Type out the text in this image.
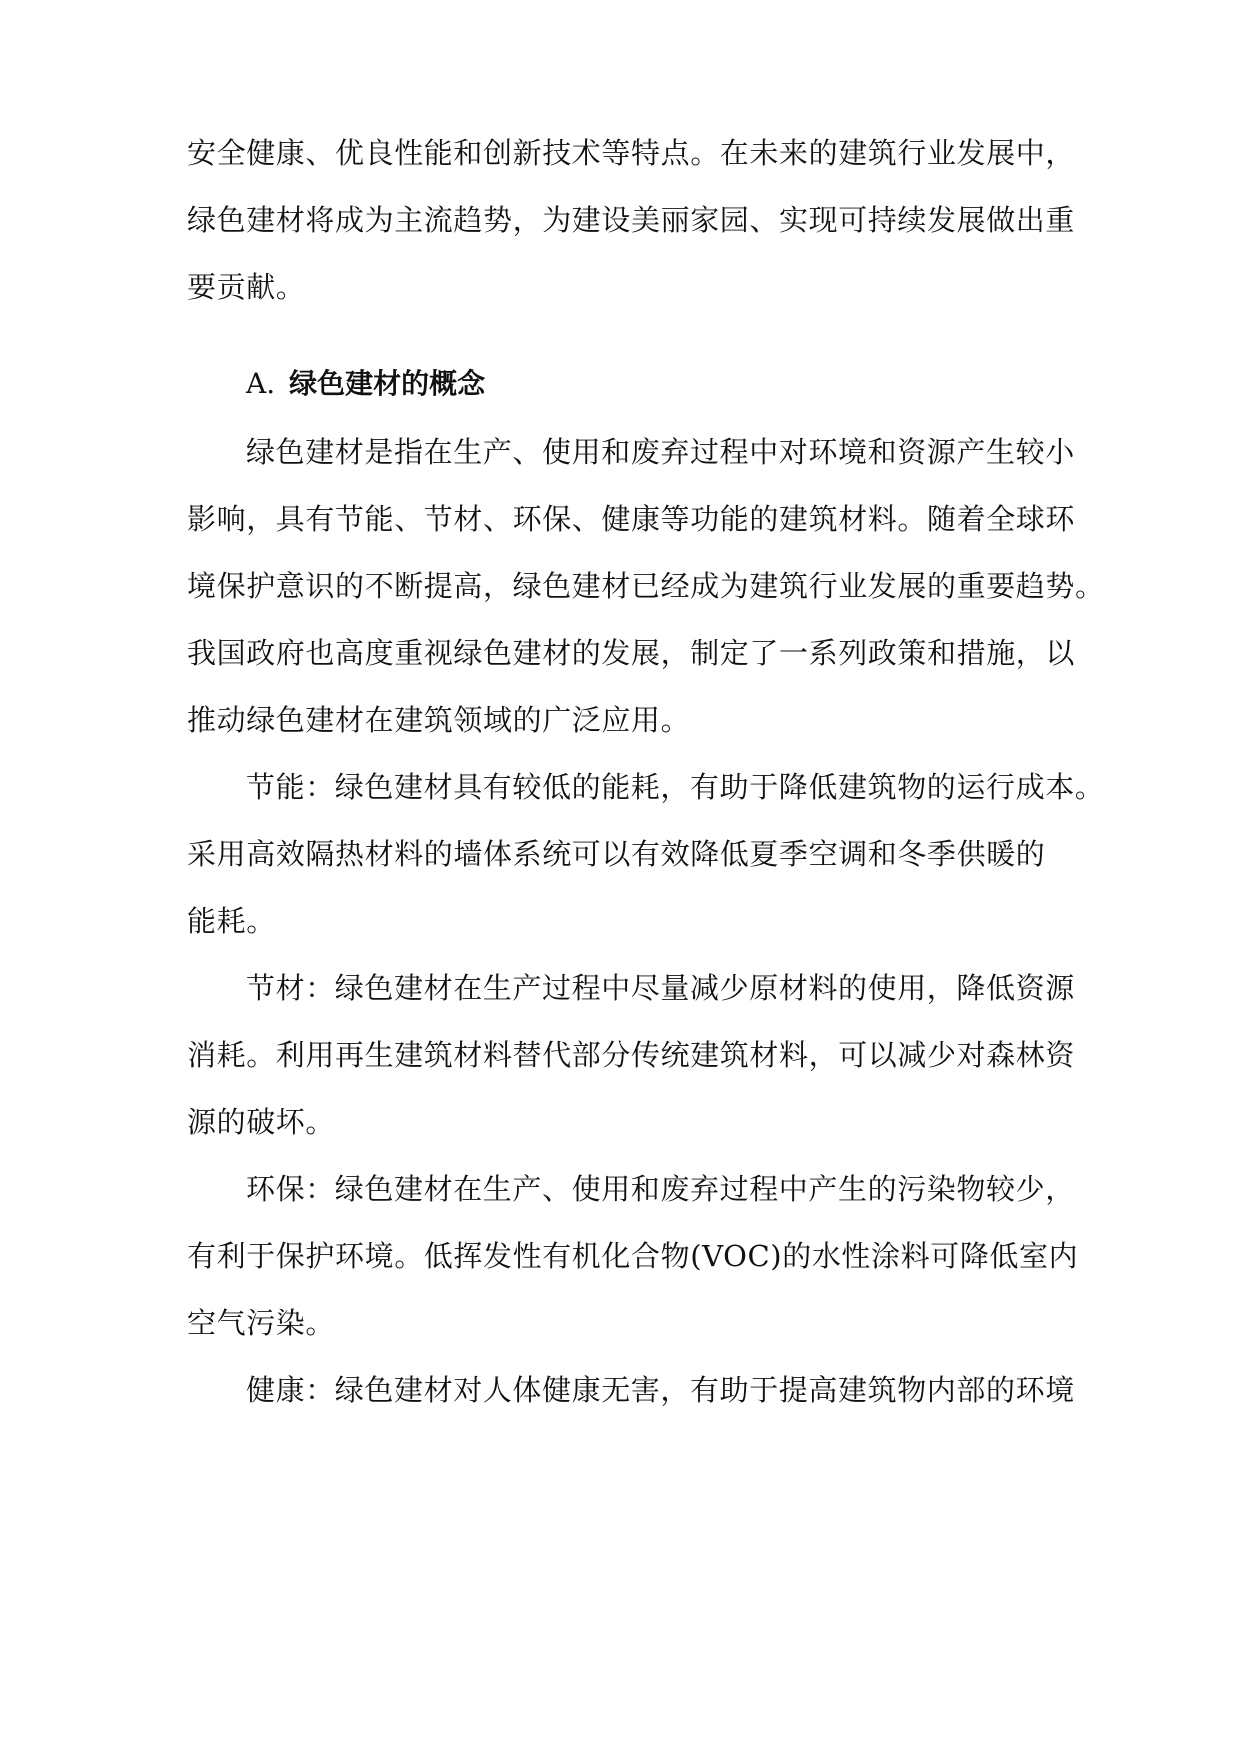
安全健康、优良性能和创新技术等特点。在未来的建筑行业发展中，
绿色建材将成为主流趋势，为建设美丽家园、实现可持续发展做出重
要贡献。
A. 绿色建材的概念
绿色建材是指在生产、使用和废弃过程中对环境和资源产生较小
影响，具有节能、节材、环保、健康等功能的建筑材料。随着全球环
境保护意识的不断提高，绿色建材已经成为建筑行业发展的重要趋势。
我国政府也高度重视绿色建材的发展，制定了一系列政策和措施，以
推动绿色建材在建筑领域的广泛应用。
节能：绿色建材具有较低的能耗，有助于降低建筑物的运行成本。
采用高效隔热材料的墙体系统可以有效降低夏季空调和冬季供暖的
能耗。
节材：绿色建材在生产过程中尽量减少原材料的使用，降低资源
消耗。利用再生建筑材料替代部分传统建筑材料，可以减少对森林资
源的破坏。
环保：绿色建材在生产、使用和废弃过程中产生的污染物较少，
有利于保护环境。低挥发性有机化合物(VOC)的水性涂料可降低室内
空气污染。
健康：绿色建材对人体健康无害，有助于提高建筑物内部的环境
